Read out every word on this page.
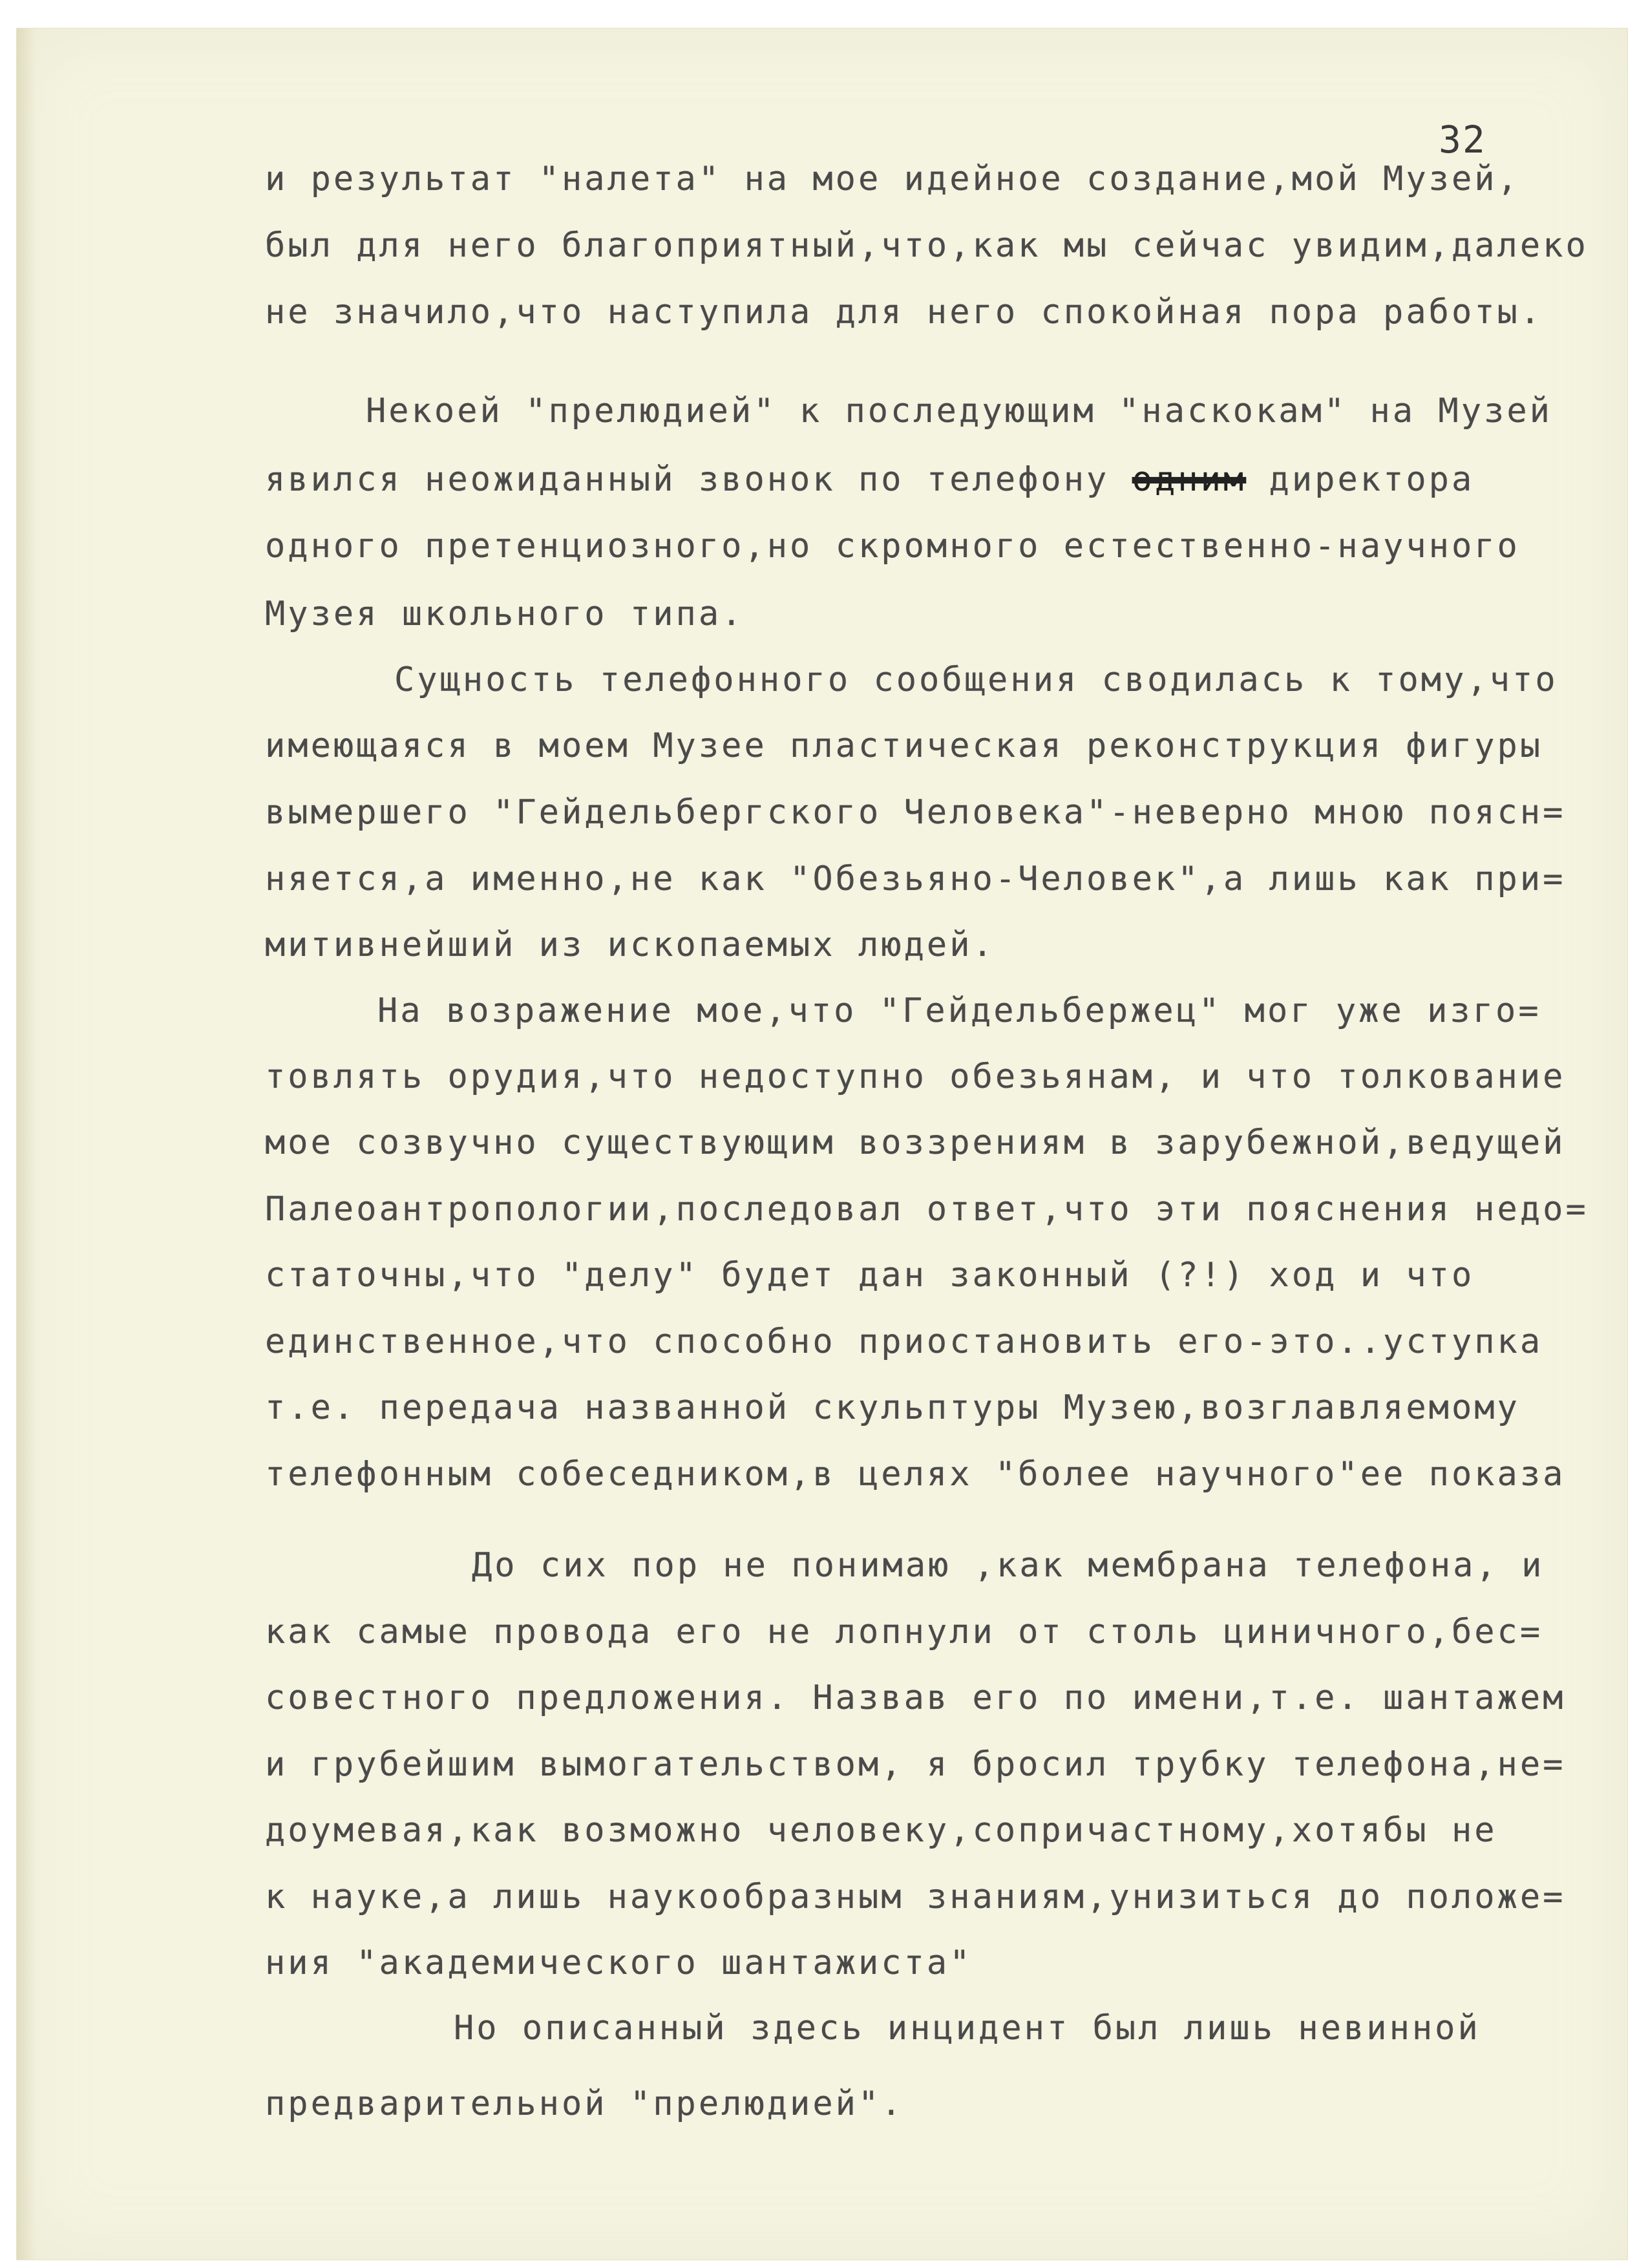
32
и результат "налета" на мое идейное создание,мой Музей,
был для него благоприятный,что,как мы сейчас увидим,далеко
не значило,что наступила для него спокойная пора работы.
Некоей "прелюдией" к последующим "наскокам" на Музей
явился неожиданный звонок по телефону одним директора
одного претенциозного,но скромного естественно-научного
Музея школьного типа.
Сущность телефонного сообщения сводилась к тому,что
имеющаяся в моем Музее пластическая реконструкция фигуры
вымершего "Гейдельбергского Человека"-неверно мною поясн=
няется,а именно,не как "Обезьяно-Человек",а лишь как при=
митивнейший из ископаемых людей.
На возражение мое,что "Гейдельбержец" мог уже изго=
товлять орудия,что недоступно обезьянам, и что толкование
мое созвучно существующим воззрениям в зарубежной,ведущей
Палеоантропологии,последовал ответ,что эти пояснения недо=
статочны,что "делу" будет дан законный (?!) ход и что
единственное,что способно приостановить его-это..уступка
т.е. передача названной скульптуры Музею,возглавляемому
телефонным собеседником,в целях "более научного"ее показа
До сих пор не понимаю ,как мембрана телефона, и
как самые провода его не лопнули от столь циничного,бес=
совестного предложения. Назвав его по имени,т.е. шантажем
и грубейшим вымогательством, я бросил трубку телефона,не=
доумевая,как возможно человеку,сопричастному,хотябы не
к науке,а лишь наукообразным знаниям,унизиться до положе=
ния "академического шантажиста"
Но описанный здесь инцидент был лишь невинной
предварительной "прелюдией".
